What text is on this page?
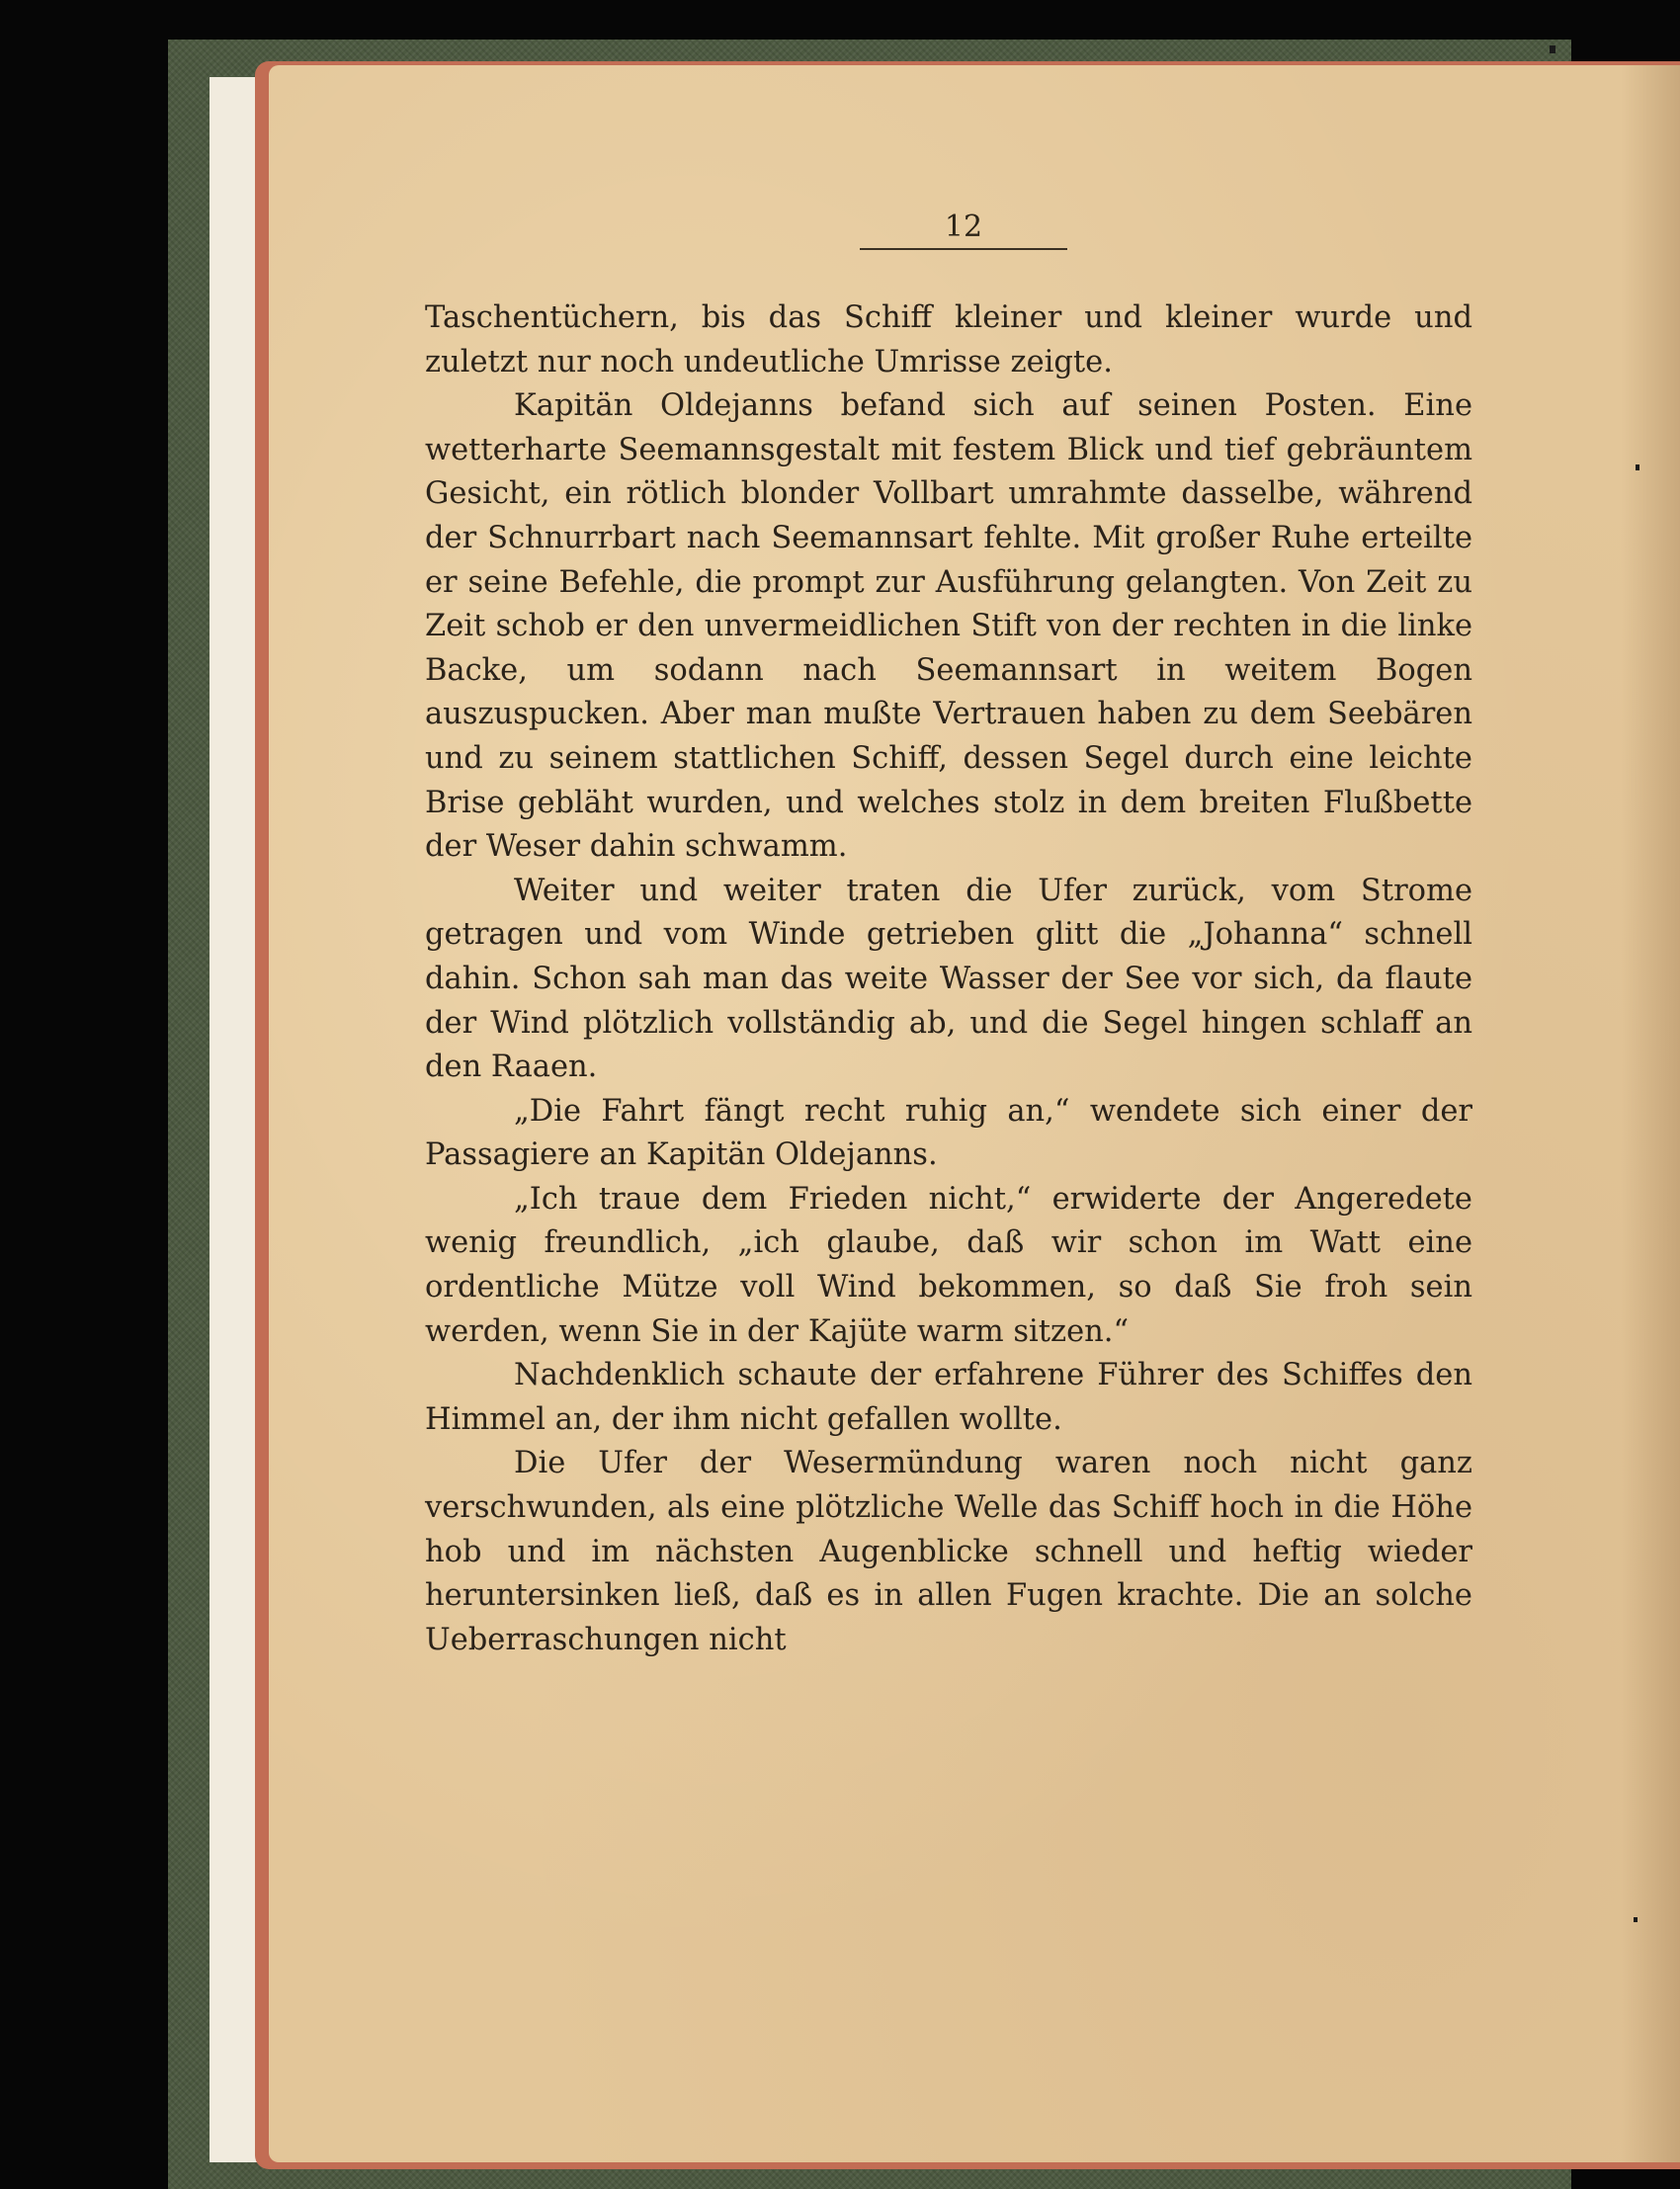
12

Taschentüchern, bis das Schiff kleiner und kleiner wurde und zuletzt nur noch undeutliche Umrisse zeigte.

Kapitän Oldejanns befand sich auf seinen Posten. Eine wetterharte Seemannsgestalt mit festem Blick und tief gebräuntem Gesicht, ein rötlich blonder Vollbart umrahmte dasselbe, während der Schnurrbart nach Seemannsart fehlte. Mit großer Ruhe erteilte er seine Befehle, die prompt zur Ausführung gelangten. Von Zeit zu Zeit schob er den unvermeidlichen Stift von der rechten in die linke Backe, um sodann nach Seemannsart in weitem Bogen auszuspucken. Aber man mußte Vertrauen haben zu dem Seebären und zu seinem stattlichen Schiff, dessen Segel durch eine leichte Brise gebläht wurden, und welches stolz in dem breiten Flußbette der Weser dahin schwamm.

Weiter und weiter traten die Ufer zurück, vom Strome getragen und vom Winde getrieben glitt die „Johanna“ schnell dahin. Schon sah man das weite Wasser der See vor sich, da flaute der Wind plötzlich vollständig ab, und die Segel hingen schlaff an den Raaen.

„Die Fahrt fängt recht ruhig an,“ wendete sich einer der Passagiere an Kapitän Oldejanns.

„Ich traue dem Frieden nicht,“ erwiderte der Angeredete wenig freundlich, „ich glaube, daß wir schon im Watt eine ordentliche Mütze voll Wind bekommen, so daß Sie froh sein werden, wenn Sie in der Kajüte warm sitzen.“

Nachdenklich schaute der erfahrene Führer des Schiffes den Himmel an, der ihm nicht gefallen wollte.

Die Ufer der Wesermündung waren noch nicht ganz verschwunden, als eine plötzliche Welle das Schiff hoch in die Höhe hob und im nächsten Augenblicke schnell und heftig wieder heruntersinken ließ, daß es in allen Fugen krachte. Die an solche Ueberraschungen nicht
